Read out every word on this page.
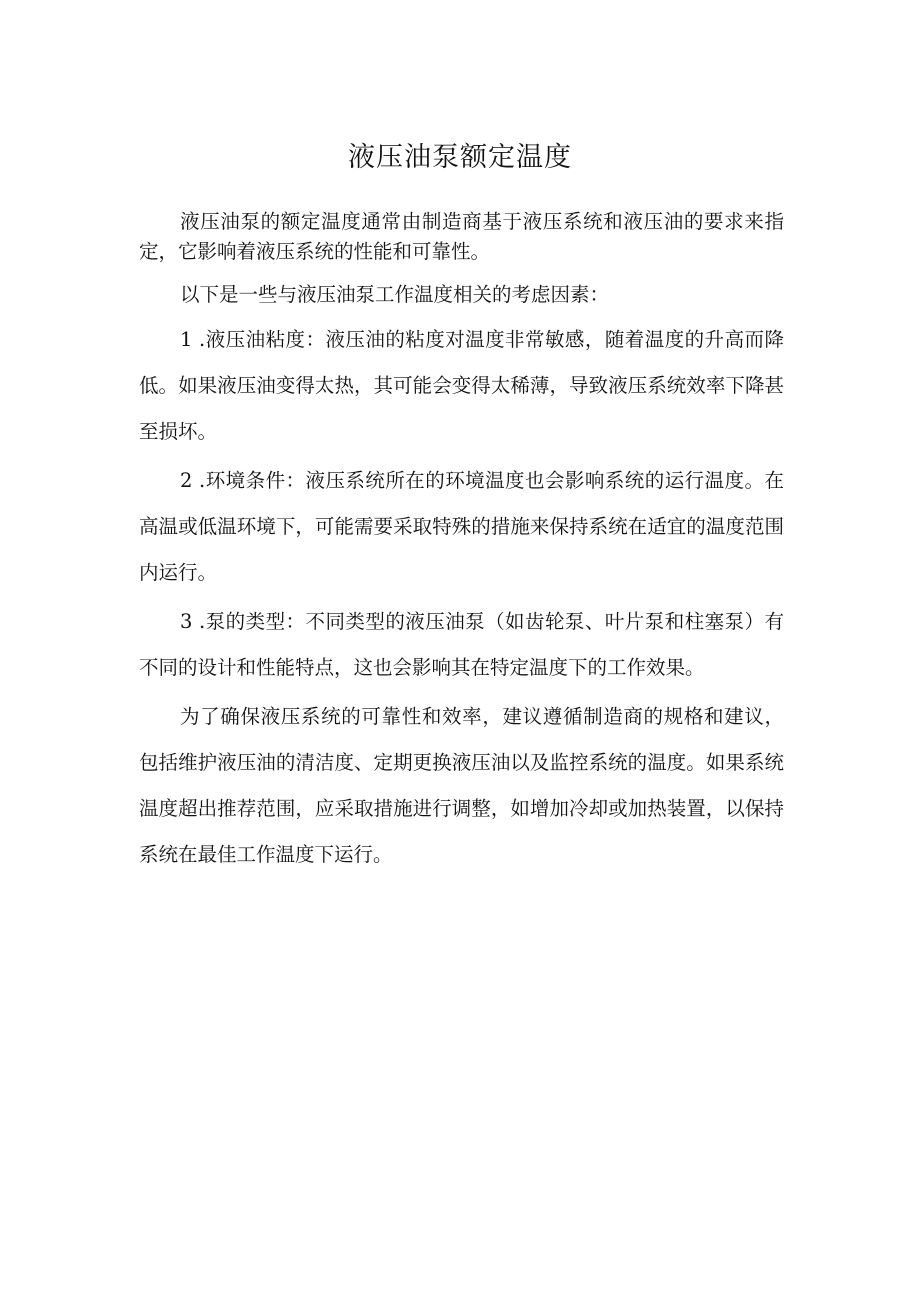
液压油泵额定温度

液压油泵的额定温度通常由制造商基于液压系统和液压油的要求来指定，它影响着液压系统的性能和可靠性。

以下是一些与液压油泵工作温度相关的考虑因素：

1 .液压油粘度：液压油的粘度对温度非常敏感，随着温度的升高而降低。如果液压油变得太热，其可能会变得太稀薄，导致液压系统效率下降甚至损坏。

2 .环境条件：液压系统所在的环境温度也会影响系统的运行温度。在高温或低温环境下，可能需要采取特殊的措施来保持系统在适宜的温度范围内运行。

3 .泵的类型：不同类型的液压油泵（如齿轮泵、叶片泵和柱塞泵）有不同的设计和性能特点，这也会影响其在特定温度下的工作效果。

为了确保液压系统的可靠性和效率，建议遵循制造商的规格和建议，包括维护液压油的清洁度、定期更换液压油以及监控系统的温度。如果系统温度超出推荐范围，应采取措施进行调整，如增加冷却或加热装置，以保持系统在最佳工作温度下运行。
